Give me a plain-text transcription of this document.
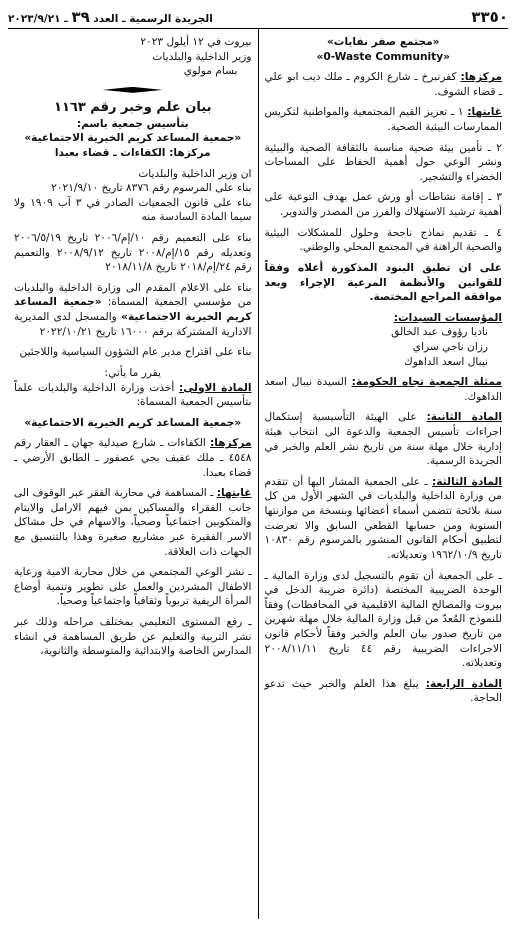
٣٣٥٠
الجريدة الرسمية ـ العدد ٣٩ ـ ٢٠٢٣/٩/٢١

«مجتمع صفر نفايات»

«0-Waste Community»

مركزها: كفرنبرخ ـ شارع الكروم ـ ملك ديب ابو علي ـ قضاء الشوف.

غايتها: ١ ـ تعزيز القيم المجتمعية والمواطنية لتكريس الممارسات البيئية الصحية.

٢ ـ تأمين بيئة صحية مناسبة بالثقافة الصحية والبيئية ونشر الوعي حول أهمية الحفاظ على المساحات الخضراء والتشجير.

٣ ـ إقامة نشاطات أو ورش عمل بهدف التوعية على أهمية ترشيد الاستهلاك والفرز من المصدر والتدوير.

٤ ـ تقديم نماذج ناجحة وحلول للمشكلات البيئية والصحية الراهنة في المجتمع المحلي والوطني.

على ان تطبق البنود المذكورة أعلاه وفقاً للقوانين والأنظمة المرعية الإجراء وبعد موافقة المراجع المختصة.

المؤسسات السيدات:

ناديا رؤوف عبد الخالق

رزان ناجي سراي

نيبال اسعد الداهوك

ممثلة الجمعية تجاه الحكومة: السيدة نيبال اسعد الداهوك.

المادة الثانية: على الهيئة التأسيسية إستكمال اجراءات تأسيس الجمعية والدعوة الى انتخاب هيئة إدارية خلال مهلة سنة من تاريخ نشر العلم والخبر في الجريدة الرسمية.

المادة الثالثة: ـ على الجمعية المشار اليها أن تتقدم من وزارة الداخلية والبلديات في الشهر الأول من كل سنة بلائحة تتضمن أسماء أعضائها وبنسخة من موازنتها السنوية ومن حسابها القطعي السابق والا تعرضت لتطبيق أحكام القانون المنشور بالمرسوم رقم ١٠٨٣٠ تاريخ ١٩٦٢/١٠/٩ وتعديلاته.

ـ على الجمعية أن تقوم بالتسجيل لدى وزارة المالية ـ الوحدة الضريبية المختصة (دائرة ضريبة الدخل في بيروت والمصالح المالية الاقليمية في المحافظات) وفقاً للنموذج المُعدّ من قبل وزارة المالية خلال مهلة شهرين من تاريخ صدور بيان العلم والخبر وفقاً لأحكام قانون الاجراءات الضريبية رقم ٤٤ تاريخ ٢٠٠٨/١١/١١ وتعديلاته.

المادة الرابعة: يبلغ هذا العلم والخبر حيث تدعو الحاجة.

بيروت في ١٢ أيلول ٢٠٢٣

وزير الداخلية والبلديات

بسام مولوي

بيان علم وخبر رقم ١١٦٣

بتأسيس جمعية باسم:

«جمعية المساعد كريم الخيرية الاجتماعية»

مركزها: الكفاءات ـ قضاء بعبدا

ان وزير الداخلية والبلديات

بناء على المرسوم رقم ٨٣٧٦ تاريخ ٢٠٢١/٩/١٠

بناء على قانون الجمعيات الصادر في ٣ آب ١٩٠٩ ولا سيما المادة السادسة منه

بناء على التعميم رقم ١٠/إم/٢٠٠٦ تاريخ ٢٠٠٦/٥/١٩ وتعديله رقم ١٥/إم/٢٠٠٨ تاريخ ٢٠٠٨/٩/١٢ والتعميم رقم ٢٤/إم/٢٠١٨ تاريخ ٢٠١٨/١١/٨

بناء على الاعلام المقدم الى وزارة الداخلية والبلديات من مؤسسي الجمعية المسماة: «جمعية المساعد كريم الخيرية الاجتماعية» والمسجل لدى المديرية الادارية المشتركة برقم ١٦٠٠٠ تاريخ ٢٠٢٢/١٠/٢١

بناء على اقتراح مدير عام الشؤون السياسية واللاجئين

يقرر ما يأتي:

المادة الاولى: أخذت وزارة الداخلية والبلديات علماً بتأسيس الجمعية المسماة:

«جمعية المساعد كريم الخيرية الاجتماعية»

مركزها: الكفاءات ـ شارع صيدلية جهان ـ العقار رقم ٤٥٤٨ ـ ملك عفيف بجي عصفور ـ الطابق الأرضي ـ قضاء بعبدا.

غايتها: ـ المساهمة في محاربة الفقر عبر الوقوف الى جانب الفقراء والمساكين بمن فيهم الارامل والايتام والمتكوبين اجتماعياً وصحياً، والاسهام في حل مشاكل الاسر الفقيرة عبر مشاريع صغيرة وهذا بالتنسيق مع الجهات ذات العلاقة.

ـ نشر الوعي المجتمعي من خلال محاربة الامية ورعاية الاطفال المشردين والعمل على تطوير وتنمية أوضاع المرأة الريفية تربوياً وثقافياً واجتماعياً وصحياً.

ـ رفع المستوى التعليمي بمختلف مراحله وذلك عبر نشر التربية والتعليم عن طريق المساهمة في انشاء المدارس الخاصة والابتدائية والمتوسطة والثانوية،
